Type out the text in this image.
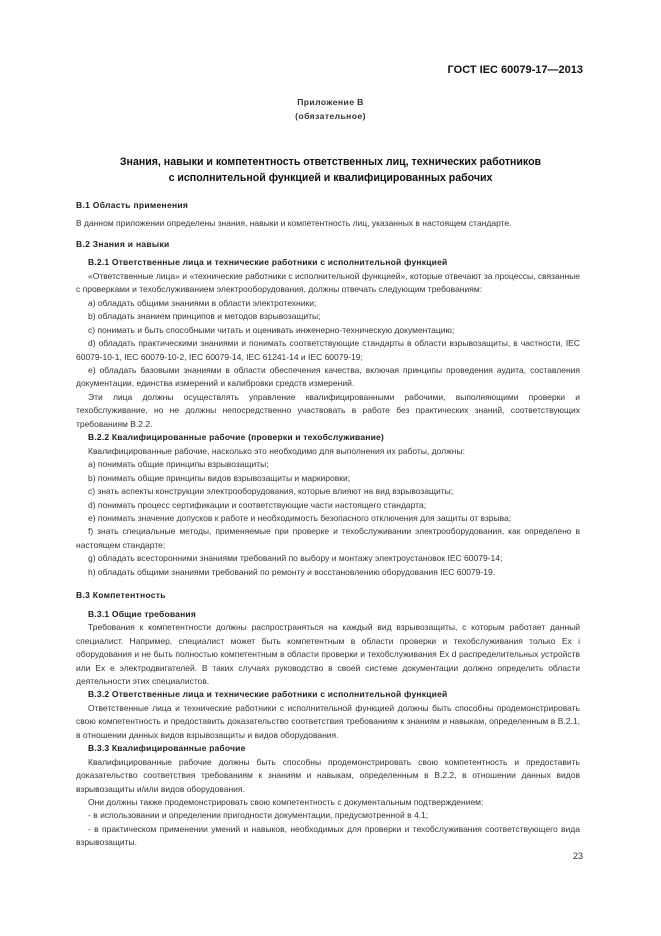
ГОСТ IEC 60079-17—2013
Приложение В
(обязательное)
Знания, навыки и компетентность ответственных лиц, технических работников
с исполнительной функцией и квалифицированных рабочих

В.1 Область применения

В данном приложении определены знания, навыки и компетентность лиц, указанных в настоящем стандарте.

В.2 Знания и навыки

В.2.1 Ответственные лица и технические работники с исполнительной функцией

«Ответственные лица» и «технические работники с исполнительной функцией», которые отвечают за процессы, связанные с проверками и техобслуживанием электрооборудования, должны отвечать следующим требованиям:

a) обладать общими знаниями в области электротехники;

b) обладать знанием принципов и методов взрывозащиты;

c) понимать и быть способными читать и оценивать инженерно-техническую документацию;

d) обладать практическими знаниями и понимать соответствующие стандарты в области взрывозащиты, в частности, IEC 60079-10-1, IEC 60079-10-2, IEC 60079-14, IEC 61241-14 и IEC 60079-19;

e) обладать базовыми знаниями в области обеспечения качества, включая принципы проведения аудита, составления документации, единства измерений и калибровки средств измерений.

Эти лица должны осуществлять управление квалифицированными рабочими, выполняющими проверки и техобслуживание, но не должны непосредственно участвовать в работе без практических знаний, соответствующих требованиям В.2.2.

В.2.2 Квалифицированные рабочие (проверки и техобслуживание)

Квалифицированные рабочие, насколько это необходимо для выполнения их работы, должны:

a) понимать общие принципы взрывозащиты;

b) понимать общие принципы видов взрывозащиты и маркировки;

c) знать аспекты конструкции электрооборудования, которые влияют на вид взрывозащиты;

d) понимать процесс сертификации и соответствующие части настоящего стандарта;

e) понимать значение допусков к работе и необходимость безопасного отключения для защиты от взрыва;

f) знать специальные методы, применяемые при проверке и техобслуживании электрооборудования, как определено в настоящем стандарте;

g) обладать всесторонними знаниями требований по выбору и монтажу электроустановок IEC 60079-14;

h) обладать общими знаниями требований по ремонту и восстановлению оборудования IEC 60079-19.

В.3 Компетентность

В.3.1 Общие требования

Требования к компетентности должны распространяться на каждый вид взрывозащиты, с которым работает данный специалист. Например, специалист может быть компетентным в области проверки и техобслуживания только Ex i оборудования и не быть полностью компетентным в области проверки и техобслуживания Ex d распределительных устройств или Ex e электродвигателей. В таких случаях руководство в своей системе документации должно определить области деятельности этих специалистов.

В.3.2 Ответственные лица и технические работники с исполнительной функцией

Ответственные лица и технические работники с исполнительной функцией должны быть способны продемонстрировать свою компетентность и предоставить доказательство соответствия требованиям к знаниям и навыкам, определенным в В.2.1, в отношении данных видов взрывозащиты и видов оборудования.

В.3.3 Квалифицированные рабочие

Квалифицированные рабочие должны быть способны продемонстрировать свою компетентность и предоставить доказательство соответствия требованиям к знаниям и навыкам, определенным в В.2.2, в отношении данных видов взрывозащиты и/или видов оборудования.

Они должны также продемонстрировать свою компетентность с документальным подтверждением:

- в использовании и определении пригодности документации, предусмотренной в 4.1;

- в практическом применении умений и навыков, необходимых для проверки и техобслуживания соответствующего вида взрывозащиты.

23
